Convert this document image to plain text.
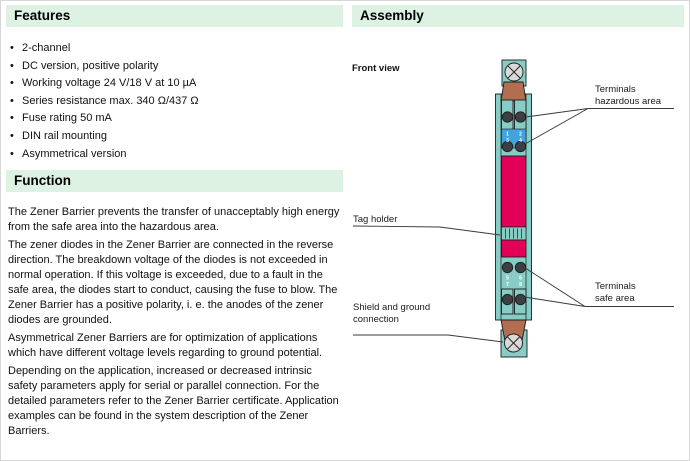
Features
• 2-channel
• DC version, positive polarity
• Working voltage 24 V/18 V at 10 µA
• Series resistance max. 340 Ω/437 Ω
• Fuse rating 50 mA
• DIN rail mounting
• Asymmetrical version
Function

The Zener Barrier prevents the transfer of unacceptably high energy from the safe area into the hazardous area.

The zener diodes in the Zener Barrier are connected in the reverse direction. The breakdown voltage of the diodes is not exceeded in normal operation. If this voltage is exceeded, due to a fault in the safe area, the diodes start to conduct, causing the fuse to blow. The Zener Barrier has a positive polarity, i. e. the anodes of the zener diodes are grounded.

Asymmetrical Zener Barriers are for optimization of applications which have different voltage levels regarding to ground potential.

Depending on the application, increased or decreased intrinsic safety parameters apply for serial or parallel connection. For the detailed parameters refer to the Zener Barrier certificate. Application examples can be found in the system description of the Zener Barriers.

Assembly
Front view
1 2
3 4
5 6
7 8
Terminals
hazardous area
Tag holder
Shield and ground
connection
Terminals
safe area
